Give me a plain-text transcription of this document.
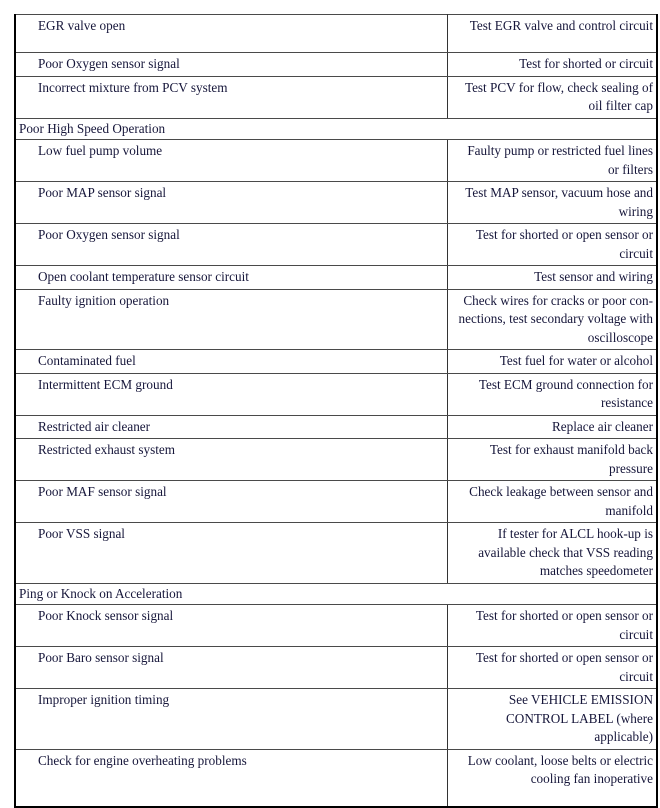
EGR valve open	Test EGR valve and control circuit
Poor Oxygen sensor signal	Test for shorted or circuit
Incorrect mixture from PCV system	Test PCV for flow, check sealing of oil filter cap
Poor High Speed Operation	
Low fuel pump volume	Faulty pump or restricted fuel lines or filters
Poor MAP sensor signal	Test MAP sensor, vacuum hose and wiring
Poor Oxygen sensor signal	Test for shorted or open sensor or circuit
Open coolant temperature sensor circuit	Test sensor and wiring
Faulty ignition operation	Check wires for cracks or poor con- nections, test secondary voltage with oscilloscope
Contaminated fuel	Test fuel for water or alcohol
Intermittent ECM ground	Test ECM ground connection for resistance
Restricted air cleaner	Replace air cleaner
Restricted exhaust system	Test for exhaust manifold back pressure
Poor MAF sensor signal	Check leakage between sensor and manifold
Poor VSS signal	If tester for ALCL hook-up is available check that VSS reading matches speedometer
Ping or Knock on Acceleration	
Poor Knock sensor signal	Test for shorted or open sensor or circuit
Poor Baro sensor signal	Test for shorted or open sensor or circuit
Improper ignition timing	See VEHICLE EMISSION CONTROL LABEL (where applicable)
Check for engine overheating problems	Low coolant, loose belts or electric cooling fan inoperative
